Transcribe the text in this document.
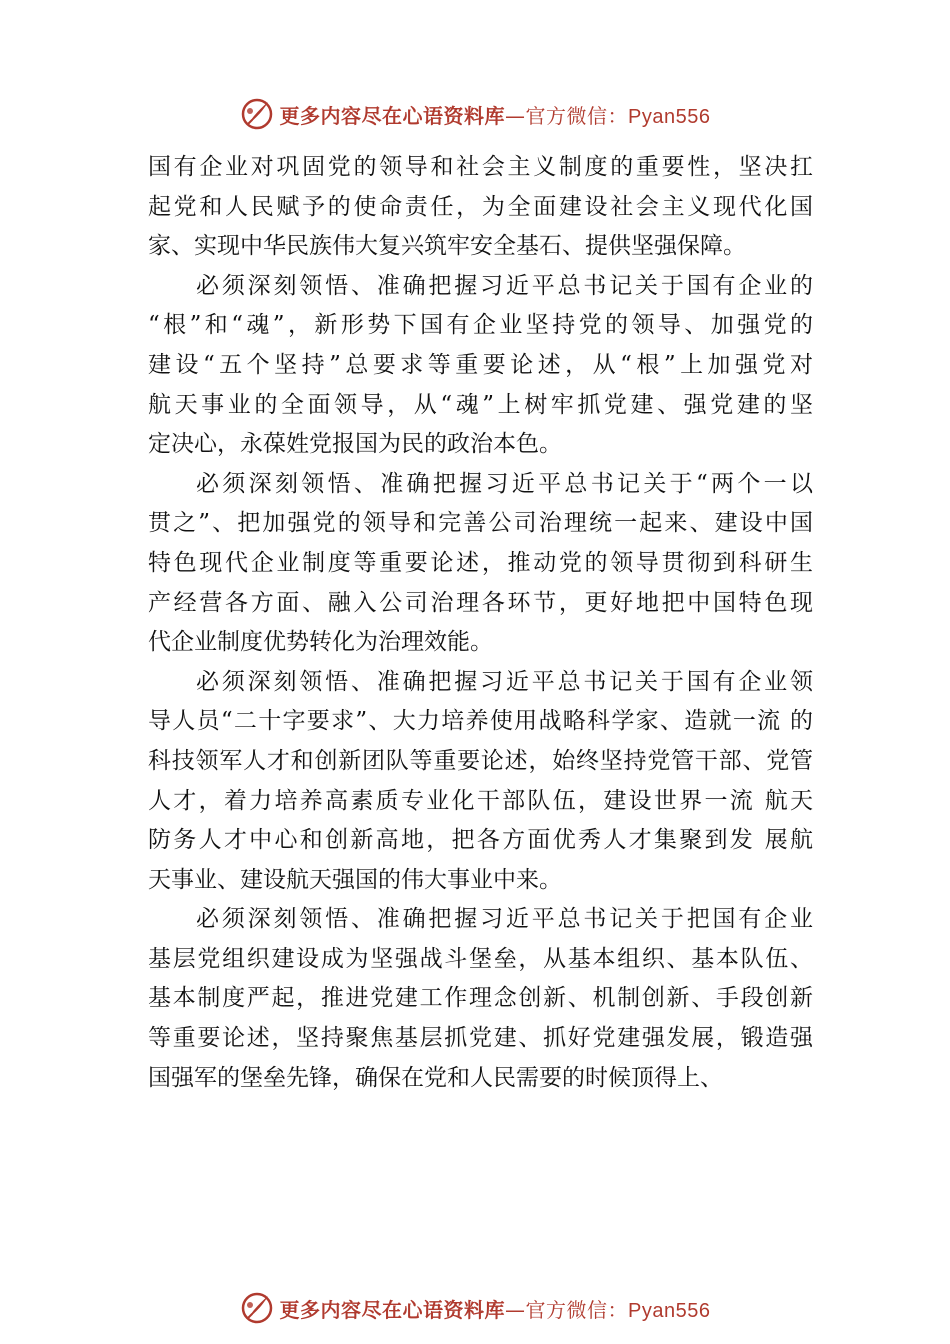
更多内容尽在心语资料库—官方微信：Pyan556
国有企业对巩固党的领导和社会主义制度的重要性，坚决扛
起党和人民赋予的使命责任，为全面建设社会主义现代化国
家、实现中华民族伟大复兴筑牢安全基石、提供坚强保障。
必须深刻领悟、准确把握习近平总书记关于国有企业的
“根”和“魂”，新形势下国有企业坚持党的领导、加强党的
建设“五个坚持”总要求等重要论述，从“根”上加强党对
航天事业的全面领导，从“魂”上树牢抓党建、强党建的坚
定决心，永葆姓党报国为民的政治本色。
必须深刻领悟、准确把握习近平总书记关于“两个一以
贯之”、把加强党的领导和完善公司治理统一起来、建设中国
特色现代企业制度等重要论述，推动党的领导贯彻到科研生
产经营各方面、融入公司治理各环节，更好地把中国特色现
代企业制度优势转化为治理效能。
必须深刻领悟、准确把握习近平总书记关于国有企业领
导人员“二十字要求”、大力培养使用战略科学家、造就一流 的
科技领军人才和创新团队等重要论述，始终坚持党管干部、党管
人才，着力培养高素质专业化干部队伍，建设世界一流 航天
防务人才中心和创新高地，把各方面优秀人才集聚到发 展航
天事业、建设航天强国的伟大事业中来。
必须深刻领悟、准确把握习近平总书记关于把国有企业
基层党组织建设成为坚强战斗堡垒，从基本组织、基本队伍、
基本制度严起，推进党建工作理念创新、机制创新、手段创新
等重要论述，坚持聚焦基层抓党建、抓好党建强发展，锻造强
国强军的堡垒先锋，确保在党和人民需要的时候顶得上、
更多内容尽在心语资料库—官方微信：Pyan556
